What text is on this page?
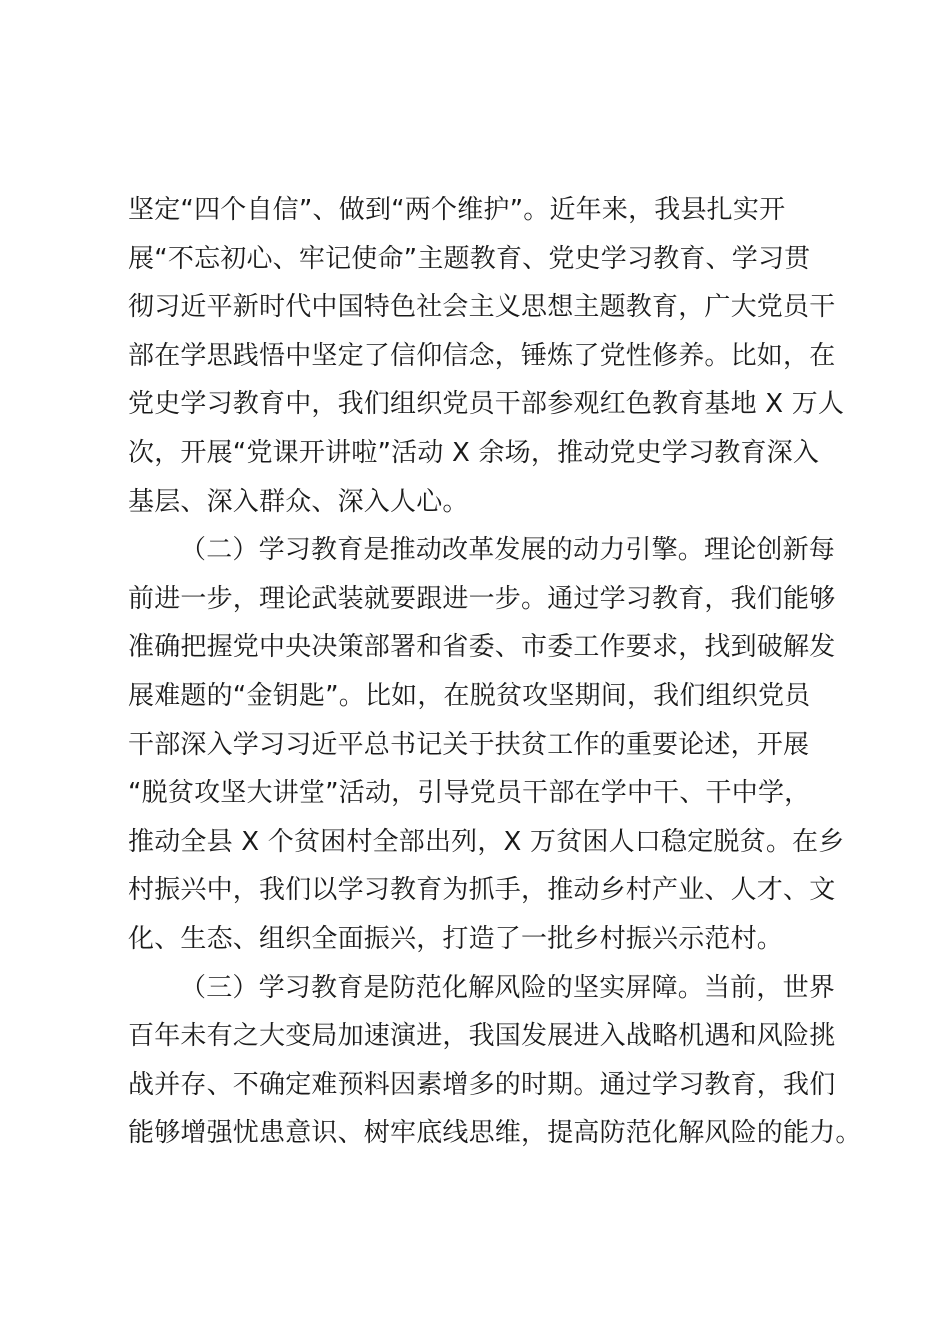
坚定“四个自信”、做到“两个维护”。近年来，我县扎实开
展“不忘初心、牢记使命”主题教育、党史学习教育、学习贯
彻习近平新时代中国特色社会主义思想主题教育，广大党员干
部在学思践悟中坚定了信仰信念，锤炼了党性修养。比如，在
党史学习教育中，我们组织党员干部参观红色教育基地 X 万人
次，开展“党课开讲啦”活动 X 余场，推动党史学习教育深入
基层、深入群众、深入人心。
（二）学习教育是推动改革发展的动力引擎。理论创新每
前进一步，理论武装就要跟进一步。通过学习教育，我们能够
准确把握党中央决策部署和省委、市委工作要求，找到破解发
展难题的“金钥匙”。比如，在脱贫攻坚期间，我们组织党员
干部深入学习习近平总书记关于扶贫工作的重要论述，开展
“脱贫攻坚大讲堂”活动，引导党员干部在学中干、干中学，
推动全县 X 个贫困村全部出列，X 万贫困人口稳定脱贫。在乡
村振兴中，我们以学习教育为抓手，推动乡村产业、人才、文
化、生态、组织全面振兴，打造了一批乡村振兴示范村。
（三）学习教育是防范化解风险的坚实屏障。当前，世界
百年未有之大变局加速演进，我国发展进入战略机遇和风险挑
战并存、不确定难预料因素增多的时期。通过学习教育，我们
能够增强忧患意识、树牢底线思维，提高防范化解风险的能力。
